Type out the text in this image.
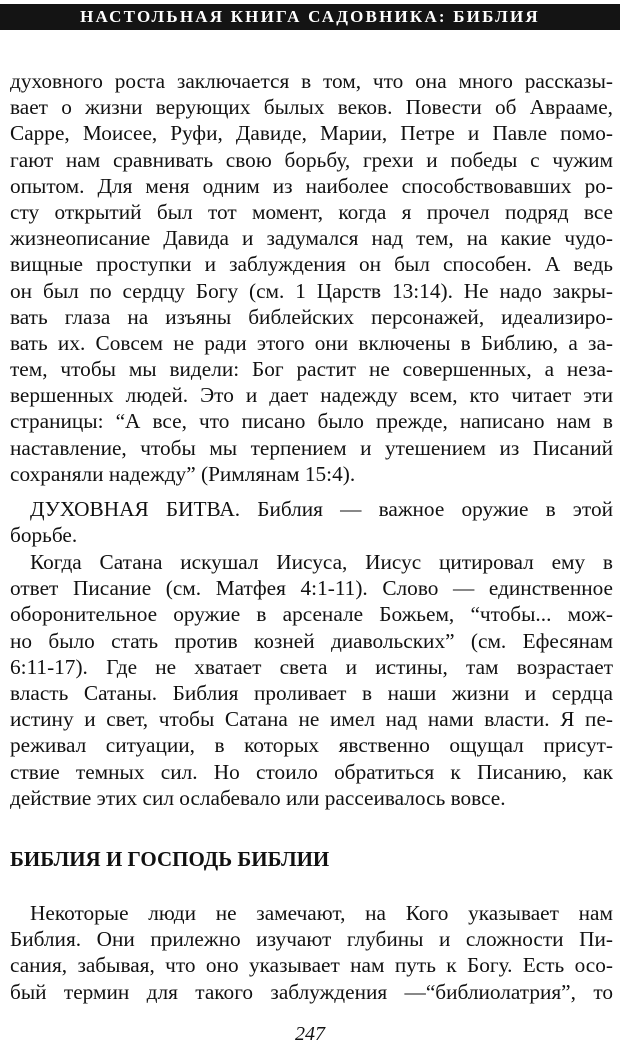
НАСТОЛЬНАЯ КНИГА САДОВНИКА: БИБЛИЯ
духовного роста заключается в том, что она много рассказы-
вает о жизни верующих былых веков. Повести об Аврааме,
Сарре, Моисее, Руфи, Давиде, Марии, Петре и Павле помо-
гают нам сравнивать свою борьбу, грехи и победы с чужим
опытом. Для меня одним из наиболее способствовавших ро-
сту открытий был тот момент, когда я прочел подряд все
жизнеописание Давида и задумался над тем, на какие чудо-
вищные проступки и заблуждения он был способен. А ведь
он был по сердцу Богу (см. 1 Царств 13:14). Не надо закры-
вать глаза на изъяны библейских персонажей, идеализиро-
вать их. Совсем не ради этого они включены в Библию, а за-
тем, чтобы мы видели: Бог растит не совершенных, а неза-
вершенных людей. Это и дает надежду всем, кто читает эти
страницы: “А все, что писано было прежде, написано нам в
наставление, чтобы мы терпением и утешением из Писаний
сохраняли надежду” (Римлянам 15:4).
ДУХОВНАЯ БИТВА. Библия — важное оружие в этой
борьбе.
Когда Сатана искушал Иисуса, Иисус цитировал ему в
ответ Писание (см. Матфея 4:1-11). Слово — единственное
оборонительное оружие в арсенале Божьем, “чтобы... мож-
но было стать против козней диавольских” (см. Ефесянам
6:11-17). Где не хватает света и истины, там возрастает
власть Сатаны. Библия проливает в наши жизни и сердца
истину и свет, чтобы Сатана не имел над нами власти. Я пе-
реживал ситуации, в которых явственно ощущал присут-
ствие темных сил. Но стоило обратиться к Писанию, как
действие этих сил ослабевало или рассеивалось вовсе.
БИБЛИЯ И ГОСПОДЬ БИБЛИИ
Некоторые люди не замечают, на Кого указывает нам
Библия. Они прилежно изучают глубины и сложности Пи-
сания, забывая, что оно указывает нам путь к Богу. Есть осо-
бый термин для такого заблуждения —“библиолатрия”, то
247
